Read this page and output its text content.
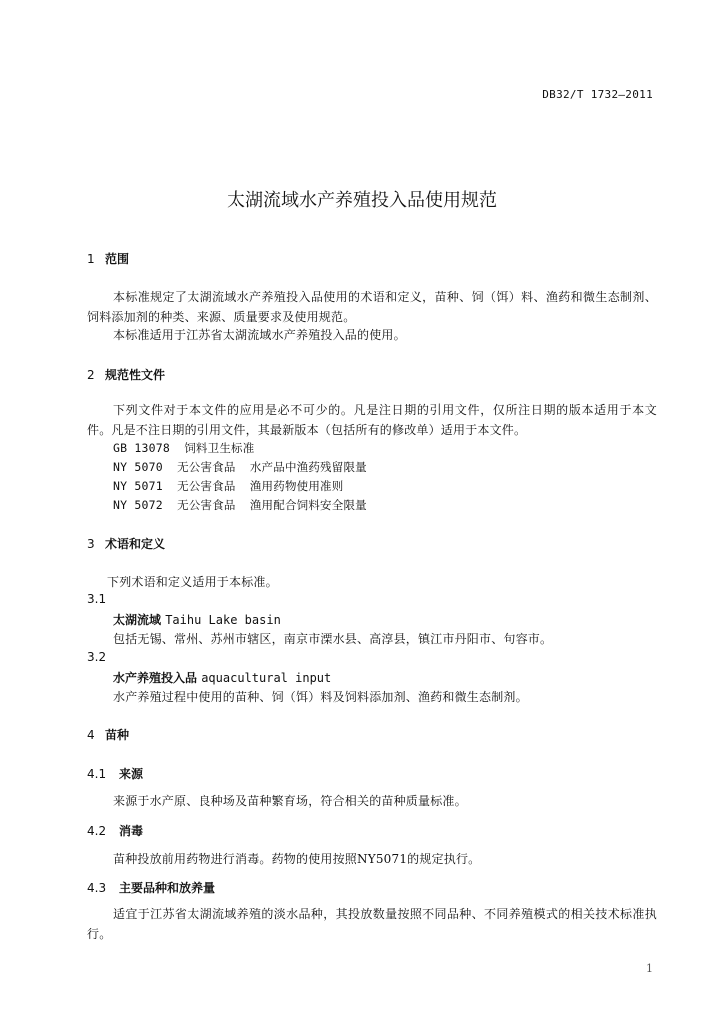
DB32/T 1732—2011
太湖流域水产养殖投入品使用规范
1 范围
本标准规定了太湖流域水产养殖投入品使用的术语和定义，苗种、饲（饵）料、渔药和微生态制剂、饲料添加剂的种类、来源、质量要求及使用规范。
本标准适用于江苏省太湖流域水产养殖投入品的使用。
2 规范性文件
下列文件对于本文件的应用是必不可少的。凡是注日期的引用文件，仅所注日期的版本适用于本文件。凡是不注日期的引用文件，其最新版本（包括所有的修改单）适用于本文件。
GB 13078  饲料卫生标准
NY 5070  无公害食品  水产品中渔药残留限量
NY 5071  无公害食品  渔用药物使用准则
NY 5072  无公害食品  渔用配合饲料安全限量
3 术语和定义
下列术语和定义适用于本标准。
3.1
太湖流域 Taihu Lake basin
包括无锡、常州、苏州市辖区，南京市溧水县、高淳县，镇江市丹阳市、句容市。
3.2
水产养殖投入品 aquacultural input
水产养殖过程中使用的苗种、饲（饵）料及饲料添加剂、渔药和微生态制剂。
4 苗种
4.1 来源
来源于水产原、良种场及苗种繁育场，符合相关的苗种质量标准。
4.2 消毒
苗种投放前用药物进行消毒。药物的使用按照NY5071的规定执行。
4.3 主要品种和放养量
适宜于江苏省太湖流域养殖的淡水品种，其投放数量按照不同品种、不同养殖模式的相关技术标准执行。
1
